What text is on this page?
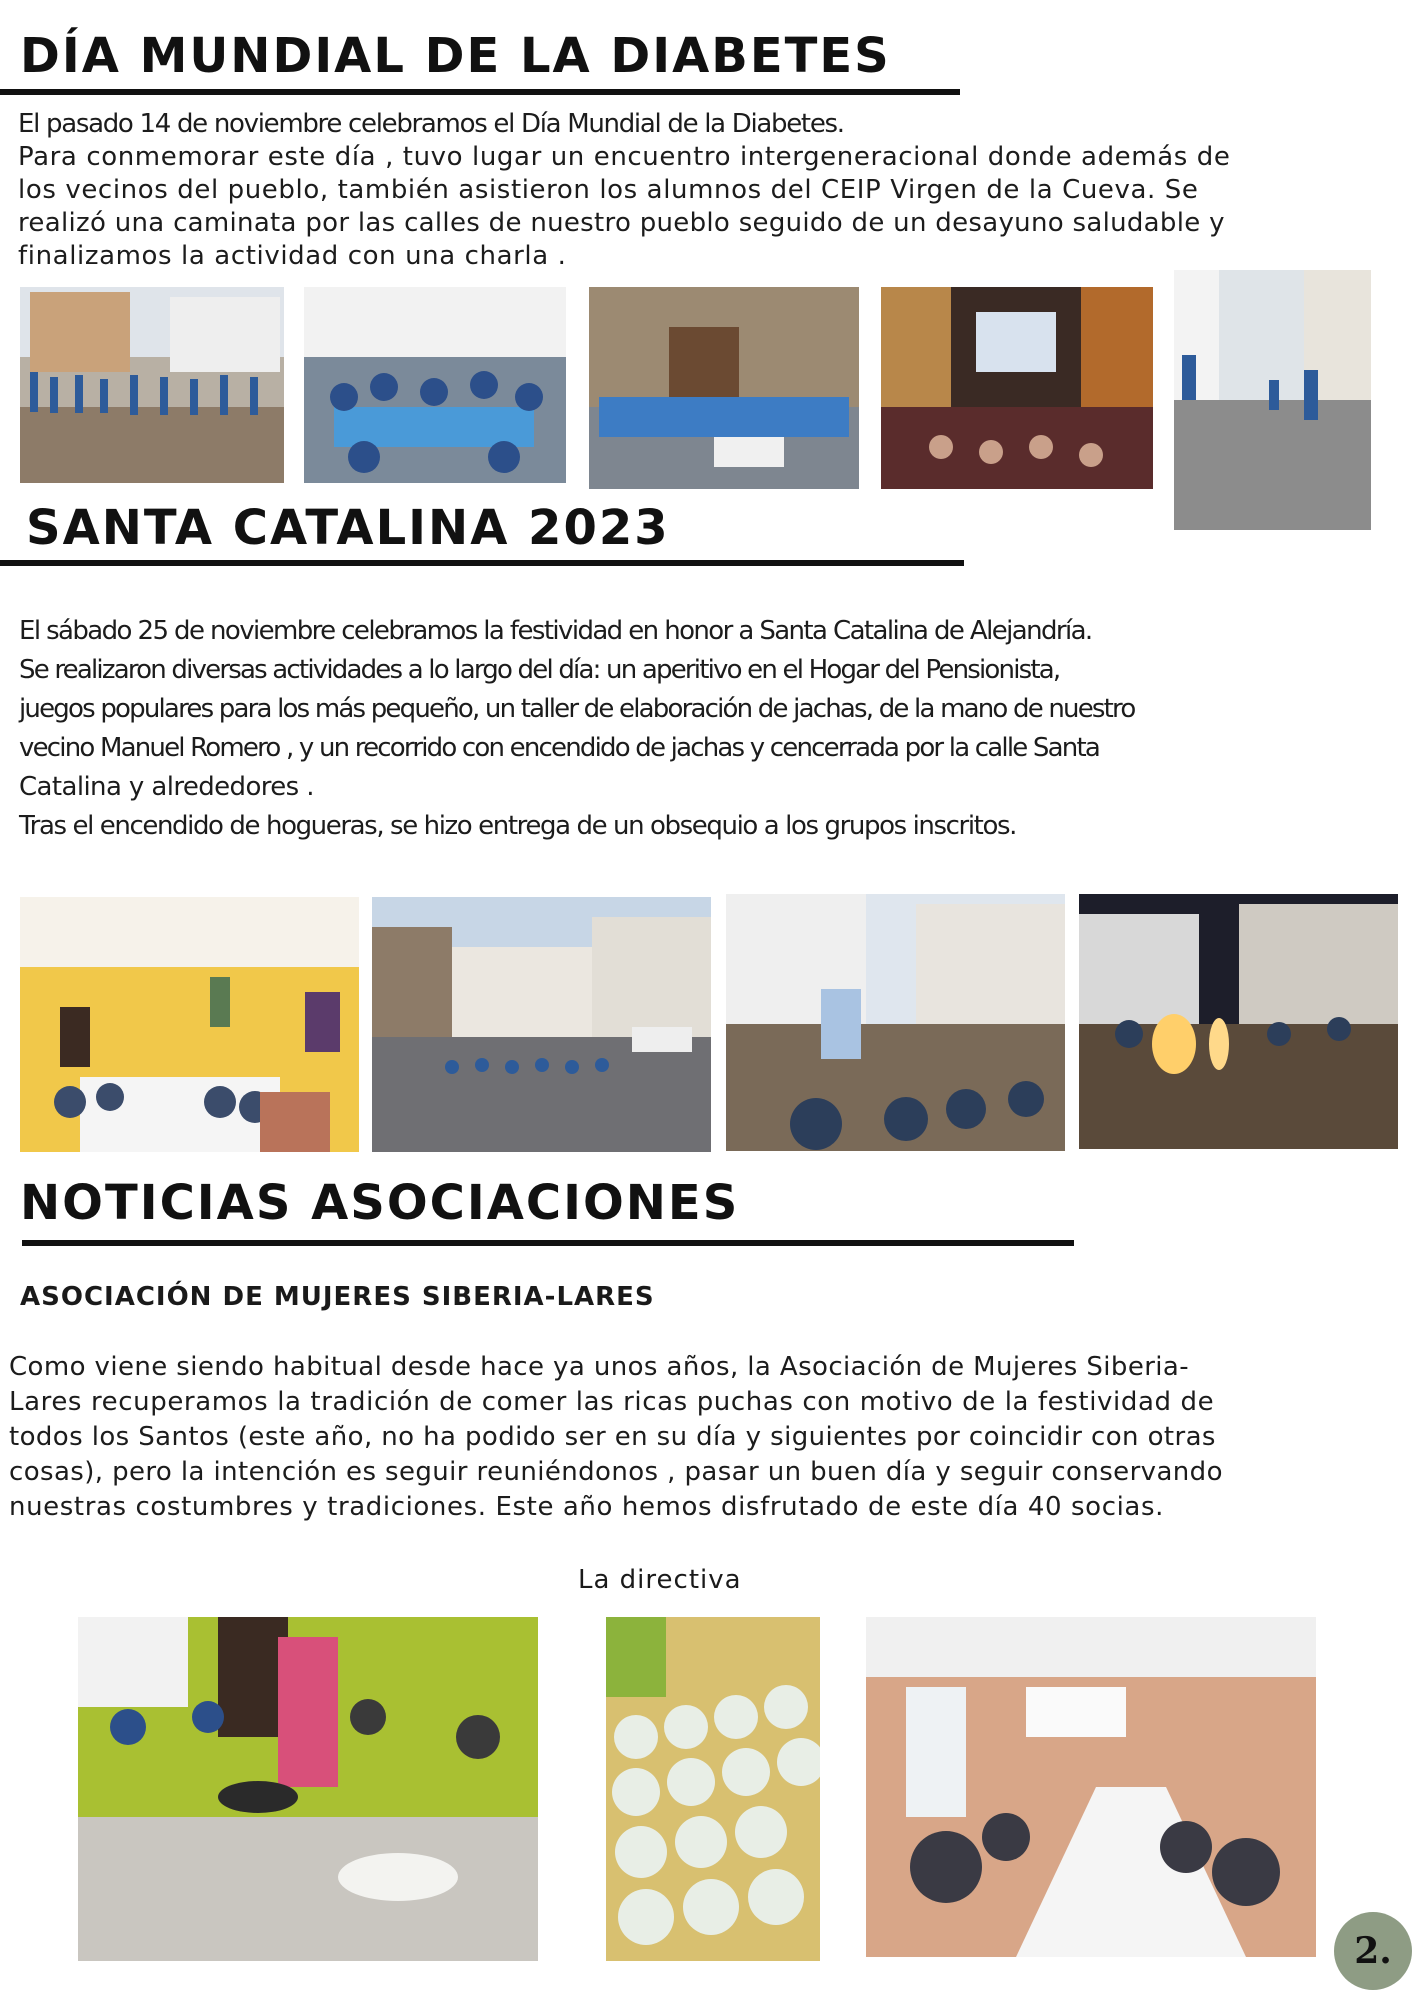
DÍA MUNDIAL DE LA DIABETES

El pasado 14 de noviembre celebramos el Día Mundial de la Diabetes.

Para conmemorar este día , tuvo lugar un encuentro intergeneracional donde además de

los vecinos del pueblo, también asistieron los alumnos del CEIP Virgen de la Cueva. Se

realizó una caminata por las calles de nuestro pueblo seguido de un desayuno saludable y

finalizamos la actividad con una charla .

SANTA CATALINA 2023

El sábado 25 de noviembre celebramos la festividad en honor a Santa Catalina de Alejandría.

Se realizaron diversas actividades a lo largo del día: un aperitivo en el Hogar del Pensionista,

juegos populares para los más pequeño, un taller de elaboración de jachas, de la mano de nuestro

vecino Manuel Romero , y un recorrido con encendido de jachas y cencerrada por la calle Santa

Catalina y alrededores .

Tras el encendido de hogueras, se hizo entrega de un obsequio a los grupos inscritos.

NOTICIAS ASOCIACIONES
ASOCIACIÓN DE MUJERES SIBERIA-LARES

Como viene siendo habitual desde hace ya unos años, la Asociación de Mujeres Siberia-

Lares recuperamos la tradición de comer las ricas puchas con motivo de la festividad de

todos los Santos (este año, no ha podido ser en su día y siguientes por coincidir con otras

cosas), pero la intención es seguir reuniéndonos , pasar un buen día y seguir conservando

nuestras costumbres y tradiciones. Este año hemos disfrutado de este día 40 socias.

La directiva
2.
